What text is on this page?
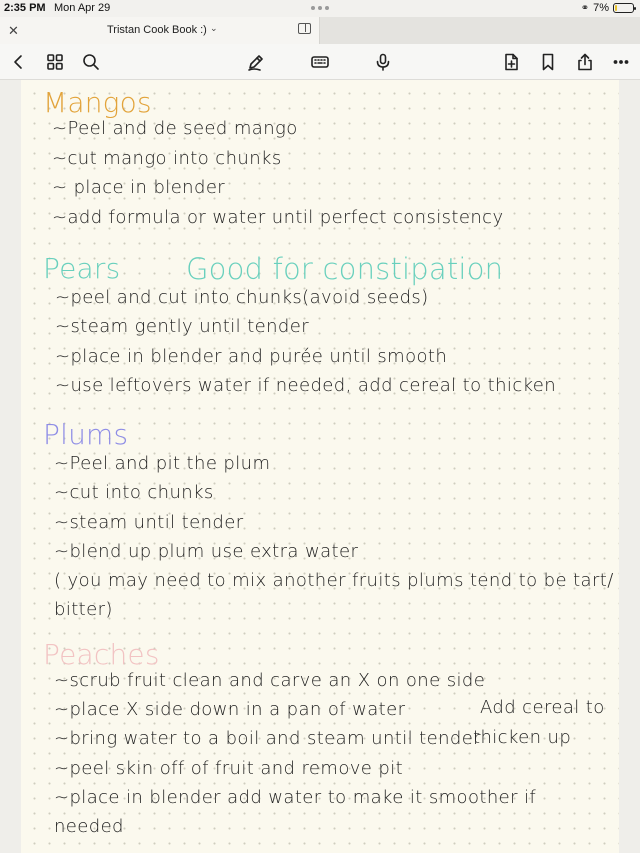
2:35 PM Mon Apr 29	⚭ 7%
✕	Tristan Cook Book :) ⌄
Mangos
~Peel and de seed mango
~cut mango into chunks
~ place in blender
~add formula or water until perfect consistency
Pears Good for constipation
~peel and cut into chunks(avoid seeds)
~steam gently until tender
~place in blender and purée until smooth
~use leftovers water if needed, add cereal to thicken
Plums
~Peel and pit the plum
~cut into chunks
~steam until tender
~blend up plum use extra water
( you may need to mix another fruits plums tend to be tart/
bitter)
Peaches
~scrub fruit clean and carve an X on one side
~place X side down in a pan of water
~bring water to a boil and steam until tender
~peel skin off of fruit and remove pit
~place in blender add water to make it smoother if
needed
Add cereal to
thicken up
